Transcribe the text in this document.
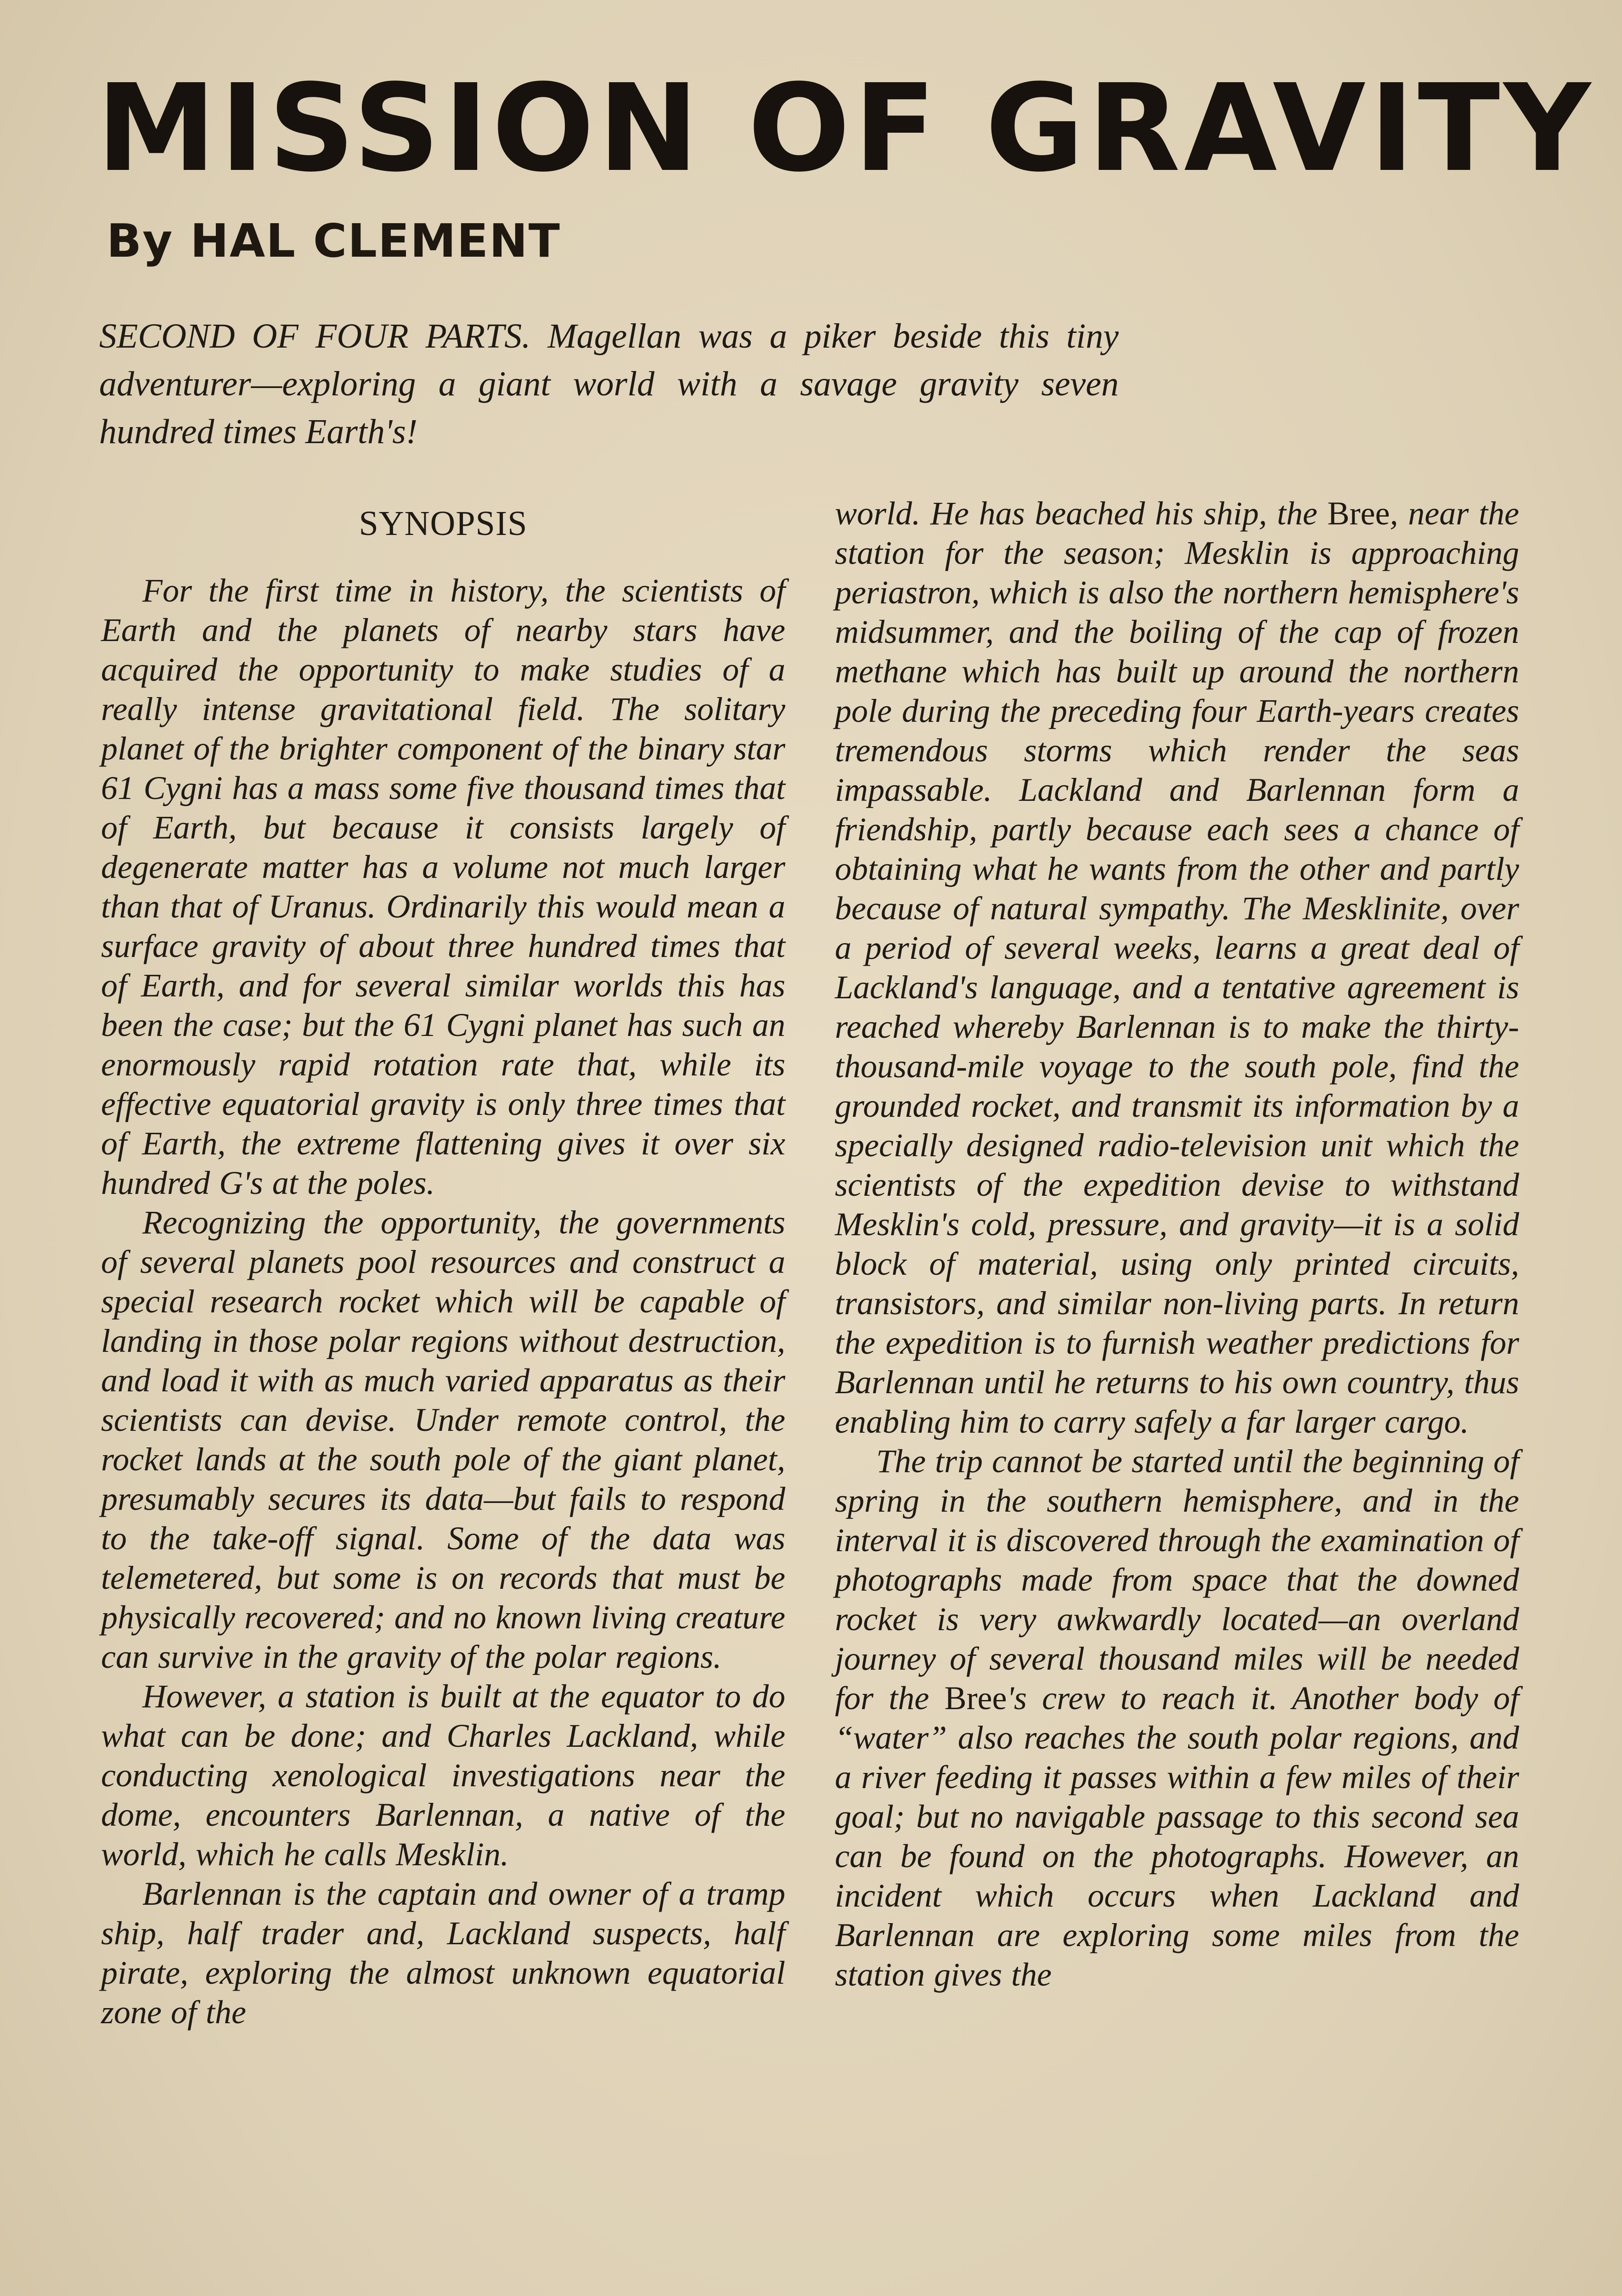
MISSION OF GRAVITY
By HAL CLEMENT

SECOND OF FOUR PARTS. Magellan was a piker beside this tiny adventurer—exploring a giant world with a savage gravity seven hundred times Earth's!

SYNOPSIS

For the first time in history, the scientists of Earth and the planets of nearby stars have acquired the opportunity to make studies of a really intense gravitational field. The solitary planet of the brighter component of the binary star 61 Cygni has a mass some five thousand times that of Earth, but because it consists largely of degenerate matter has a volume not much larger than that of Uranus. Ordinarily this would mean a surface gravity of about three hundred times that of Earth, and for several similar worlds this has been the case; but the 61 Cygni planet has such an enormously rapid rotation rate that, while its effective equatorial gravity is only three times that of Earth, the extreme flattening gives it over six hundred G's at the poles.

Recognizing the opportunity, the governments of several planets pool resources and construct a special research rocket which will be capable of landing in those polar regions without destruction, and load it with as much varied apparatus as their scientists can devise. Under remote control, the rocket lands at the south pole of the giant planet, presumably secures its data—but fails to respond to the take-off signal. Some of the data was telemetered, but some is on records that must be physically recovered; and no known living creature can survive in the gravity of the polar regions.

However, a station is built at the equator to do what can be done; and Charles Lackland, while conducting xenological investigations near the dome, encounters Barlennan, a native of the world, which he calls Mesklin.

Barlennan is the captain and owner of a tramp ship, half trader and, Lackland suspects, half pirate, exploring the almost unknown equatorial zone of the

world. He has beached his ship, the Bree, near the station for the season; Mesklin is approaching periastron, which is also the northern hemisphere's midsummer, and the boiling of the cap of frozen methane which has built up around the northern pole during the preceding four Earth-years creates tremendous storms which render the seas impassable. Lackland and Barlennan form a friendship, partly because each sees a chance of obtaining what he wants from the other and partly because of natural sympathy. The Mesklinite, over a period of several weeks, learns a great deal of Lackland's language, and a tentative agreement is reached whereby Barlennan is to make the thirty-thousand-mile voyage to the south pole, find the grounded rocket, and transmit its information by a specially designed radio-television unit which the scientists of the expedition devise to withstand Mesklin's cold, pressure, and gravity—it is a solid block of material, using only printed circuits, transistors, and similar non-living parts. In return the expedition is to furnish weather predictions for Barlennan until he returns to his own country, thus enabling him to carry safely a far larger cargo.

The trip cannot be started until the beginning of spring in the southern hemisphere, and in the interval it is discovered through the examination of photographs made from space that the downed rocket is very awkwardly located—an overland journey of several thousand miles will be needed for the Bree's crew to reach it. Another body of “water” also reaches the south polar regions, and a river feeding it passes within a few miles of their goal; but no navigable passage to this second sea can be found on the photographs. However, an incident which occurs when Lackland and Barlennan are exploring some miles from the station gives the
